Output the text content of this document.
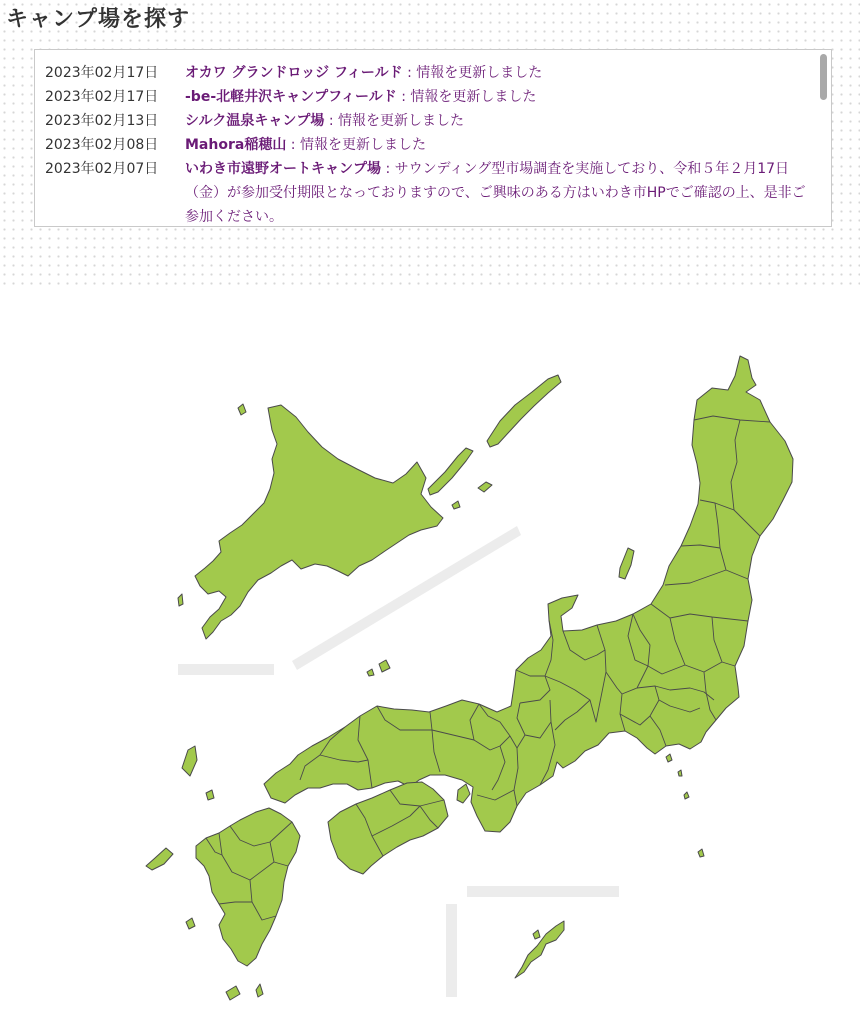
キャンプ場を探す
2023年02月17日	オカワ グランドロッジ フィールド : 情報を更新しました
2023年02月17日	-be-北軽井沢キャンプフィールド : 情報を更新しました
2023年02月13日	シルク温泉キャンプ場 : 情報を更新しました
2023年02月08日	Mahora稲穂山 : 情報を更新しました
2023年02月07日	いわき市遠野オートキャンプ場 : サウンディング型市場調査を実施しており、令和５年２月17日（金）が参加受付期限となっておりますので、ご興味のある方はいわき市HPでご確認の上、是非ご参加ください。
